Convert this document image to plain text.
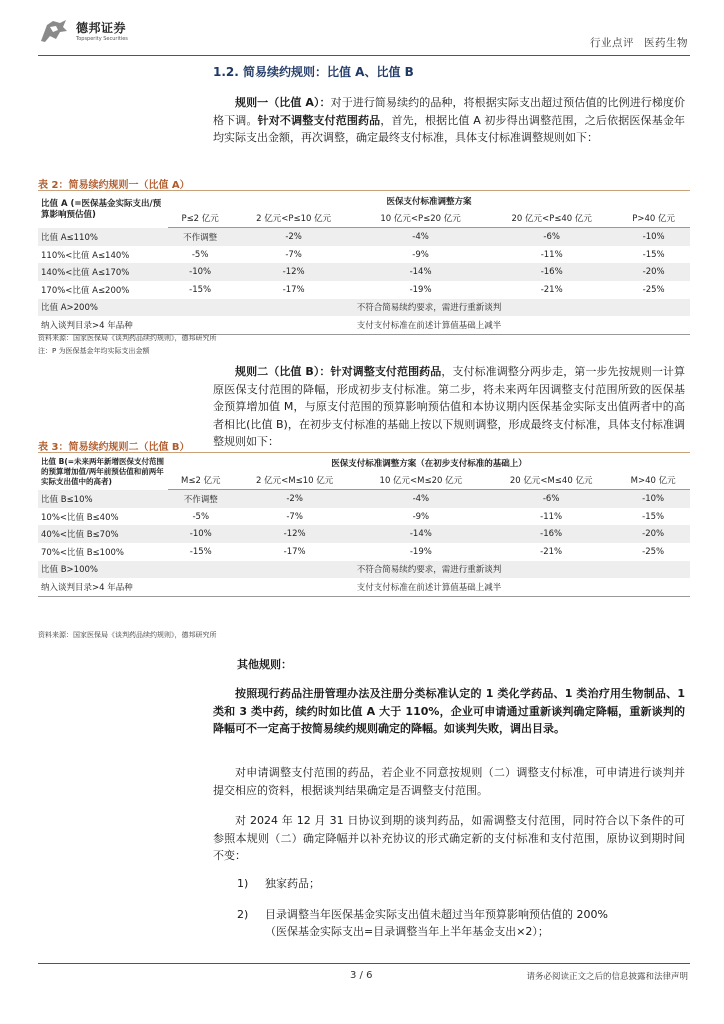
德邦证券
Topsperity Securities	行业点评 医药生物
1.2. 简易续约规则：比值 A、比值 B
规则一（比值 A）：对于进行简易续约的品种，将根据实际支出超过预估值的比例进行梯度价格下调。针对不调整支付范围药品，首先，根据比值 A 初步得出调整范围，之后依据医保基金年均实际支出金额，再次调整，确定最终支付标准，具体支付标准调整规则如下：
表 2：简易续约规则一（比值 A）
比值 A (=医保基金实际支出/预算影响预估值)	医保支付标准调整方案				
	P≤2 亿元	2 亿元<P≤10 亿元	10 亿元<P≤20 亿元	20 亿元<P≤40 亿元	P>40 亿元
比值 A≤110%	不作调整	-2%	-4%	-6%	-10%
110%<比值 A≤140%	-5%	-7%	-9%	-11%	-15%
140%<比值 A≤170%	-10%	-12%	-14%	-16%	-20%
170%<比值 A≤200%	-15%	-17%	-19%	-21%	-25%
比值 A>200%	不符合简易续约要求，需进行重新谈判				
纳入谈判目录>4 年品种	支付支付标准在前述计算值基础上减半				
资料来源：国家医保局《谈判药品续约规则》，德邦研究所
注：P 为医保基金年均实际支出金额
规则二（比值 B）：针对调整支付范围药品，支付标准调整分两步走，第一步先按规则一计算原医保支付范围的降幅，形成初步支付标准。第二步，将未来两年因调整支付范围所致的医保基金预算增加值 M，与原支付范围的预算影响预估值和本协议期内医保基金实际支出值两者中的高者相比(比值 B)，在初步支付标准的基础上按以下规则调整，形成最终支付标准，具体支付标准调整规则如下：
表 3：简易续约规则二（比值 B）
比值 B(=未来两年新增医保支付范围的预算增加值/两年前预估值和前两年实际支出值中的高者)	医保支付标准调整方案（在初步支付标准的基础上）				
	M≤2 亿元	2 亿元<M≤10 亿元	10 亿元<M≤20 亿元	20 亿元<M≤40 亿元	M>40 亿元
比值 B≤10%	不作调整	-2%	-4%	-6%	-10%
10%<比值 B≤40%	-5%	-7%	-9%	-11%	-15%
40%<比值 B≤70%	-10%	-12%	-14%	-16%	-20%
70%<比值 B≤100%	-15%	-17%	-19%	-21%	-25%
比值 B>100%	不符合简易续约要求，需进行重新谈判				
纳入谈判目录>4 年品种	支付支付标准在前述计算值基础上减半				
资料来源：国家医保局《谈判药品续约规则》，德邦研究所
其他规则：
按照现行药品注册管理办法及注册分类标准认定的 1 类化学药品、1 类治疗用生物制品、1 类和 3 类中药，续约时如比值 A 大于 110%，企业可申请通过重新谈判确定降幅，重新谈判的降幅可不一定高于按简易续约规则确定的降幅。如谈判失败，调出目录。
对申请调整支付范围的药品，若企业不同意按规则（二）调整支付标准，可申请进行谈判并提交相应的资料，根据谈判结果确定是否调整支付范围。
对 2024 年 12 月 31 日协议到期的谈判药品，如需调整支付范围，同时符合以下条件的可参照本规则（二）确定降幅并以补充协议的形式确定新的支付标准和支付范围，原协议到期时间不变：
1) 独家药品；
2) 目录调整当年医保基金实际支出值未超过当年预算影响预估值的 200%
（医保基金实际支出=目录调整当年上半年基金支出×2）；
3 / 6	请务必阅读正文之后的信息披露和法律声明
